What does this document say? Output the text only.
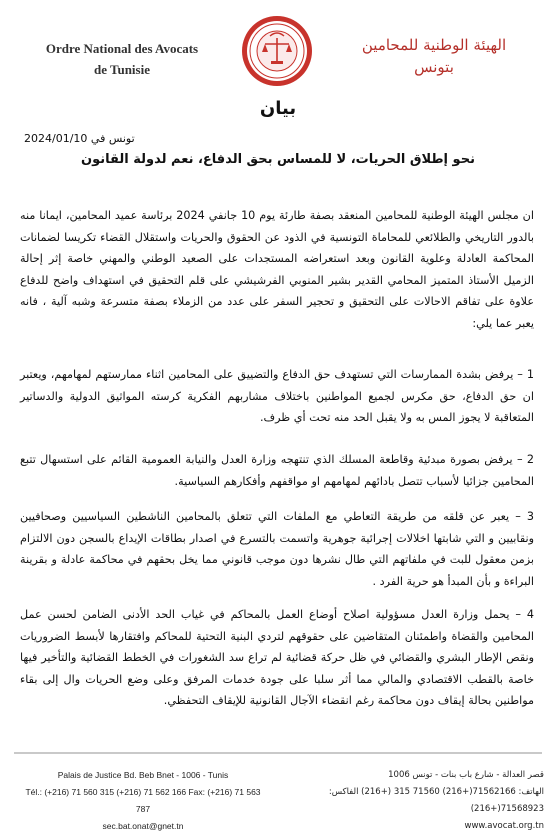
Ordre National des Avocats
de Tunisie
الهيئة الوطنية للمحامين
بتونس
بيان
تونس في 2024/01/10
نحو إطلاق الحريات، لا للمساس بحق الدفاع، نعم لدولة القانون
ان مجلس الهيئة الوطنية للمحامين المنعقد بصفة طارئة يوم 10 جانفي 2024 برئاسة عميد المحامين، ايمانا منه بالدور التاريخي والطلائعي للمحاماة التونسية في الذود عن الحقوق والحريات واستقلال القضاء تكريسا لضمانات المحاكمة العادلة وعلوية القانون وبعد استعراضه المستجدات على الصعيد الوطني والمهني خاصة إثر إحالة الزميل الأستاذ المتميز المحامي القدير بشير المنوبي الفرشيشي على قلم التحقيق في استهداف واضح للدفاع علاوة على تفاقم الاحالات على التحقيق و تحجير السفر على عدد من الزملاء بصفة متسرعة وشبه آلية ، فانه يعبر عما يلي:
1 – يرفض بشدة الممارسات التي تستهدف حق الدفاع والتضييق على المحامين اثناء ممارستهم لمهامهم، ويعتبر ان حق الدفاع، حق مكرس لجميع المواطنين باختلاف مشاربهم الفكرية كرسته المواثيق الدولية والدساتير المتعاقبة لا يجوز المس به ولا يقبل الحد منه تحت أي ظرف.
2 – يرفض بصورة مبدئية وقاطعة المسلك الذي تنتهجه وزارة العدل والنيابة العمومية القائم على استسهال تتبع المحامين جزائيا لأسباب تتصل بادائهم لمهامهم او مواقفهم وأفكارهم السياسية.
3 – يعبر عن قلقه من طريقة التعاطي مع الملفات التي تتعلق بالمحامين الناشطين السياسيين وصحافيين ونقابيين و التي شابتها اخلالات إجرائية جوهرية واتسمت بالتسرع في اصدار بطاقات الإيداع بالسجن دون الالتزام بزمن معقول للبت في ملفاتهم التي طال نشرها دون موجب قانوني مما يخل بحقهم في محاكمة عادلة و بقرينة البراءة و بأن المبدأ هو حرية الفرد .
4 – يحمل وزارة العدل مسؤولية اصلاح أوضاع العمل بالمحاكم في غياب الحد الأدنى الضامن لحسن عمل المحامين والقضاة واطمئنان المتقاضين على حقوقهم لتردي البنية التحتية للمحاكم وافتقارها لأبسط الضروريات ونقص الإطار البشري والقضائي في ظل حركة قضائية لم تراع سد الشغورات في الخطط القضائية والتأخير فيها خاصة بالقطب الاقتصادي والمالي مما أثر سلبا على جودة خدمات المرفق وعلى وضع الحريات وال إلى بقاء مواطنين بحالة إيقاف دون محاكمة رغم انقضاء الآجال القانونية للإيقاف التحفظي.
Palais de Justice Bd. Beb Bnet - 1006 - Tunis
Tél.: (+216) 71 560 315 (+216) 71 562 166 Fax: (+216) 71 563 787
sec.bat.onat@gnet.tn
قصر العدالة - شارع باب بنات - تونس 1006
الهاتف: 71562166(+216) 71560 315 (+216) الفاكس: 71568923(+216)
www.avocat.org.tn
